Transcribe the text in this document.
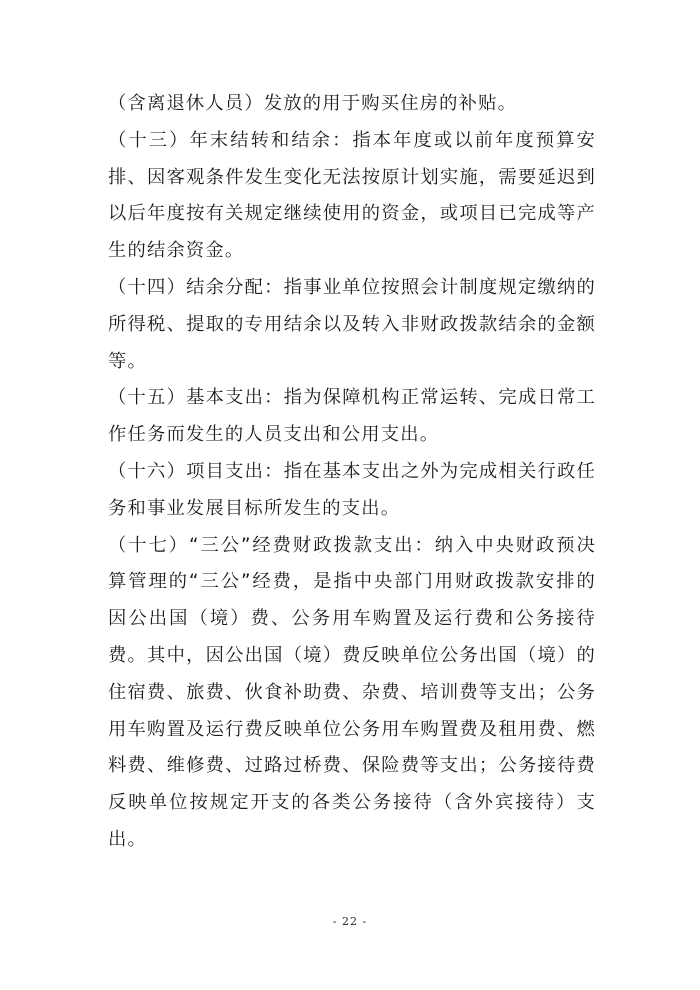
（含离退休人员）发放的用于购买住房的补贴。

（十三）年末结转和结余：指本年度或以前年度预算安排、因客观条件发生变化无法按原计划实施，需要延迟到以后年度按有关规定继续使用的资金，或项目已完成等产生的结余资金。

（十四）结余分配：指事业单位按照会计制度规定缴纳的所得税、提取的专用结余以及转入非财政拨款结余的金额等。

（十五）基本支出：指为保障机构正常运转、完成日常工作任务而发生的人员支出和公用支出。

（十六）项目支出：指在基本支出之外为完成相关行政任务和事业发展目标所发生的支出。

（十七）“三公”经费财政拨款支出：纳入中央财政预决算管理的“三公”经费，是指中央部门用财政拨款安排的因公出国（境）费、公务用车购置及运行费和公务接待费。其中，因公出国（境）费反映单位公务出国（境）的住宿费、旅费、伙食补助费、杂费、培训费等支出；公务用车购置及运行费反映单位公务用车购置费及租用费、燃料费、维修费、过路过桥费、保险费等支出；公务接待费反映单位按规定开支的各类公务接待（含外宾接待）支出。

- 22 -
